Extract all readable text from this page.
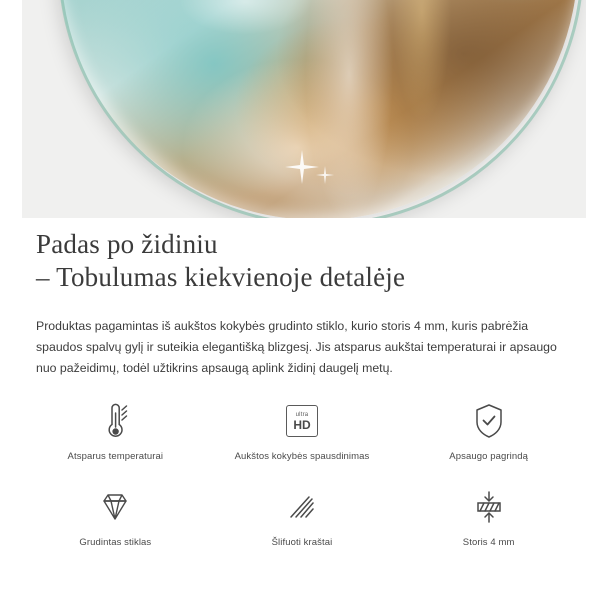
Padas po židiniu
– Tobulumas kiekvienoje detalėje
Produktas pagamintas iš aukštos kokybės grudinto stiklo, kurio storis 4 mm, kuris pabrėžia spaudos spalvų gylį ir suteikia elegantišką blizgesį. Jis atsparus aukštai temperaturai ir apsaugo nuo pažeidimų, todėl užtikrins apsaugą aplink židinį daugelį metų.
Atsparus temperaturai
ultra
HD
Aukštos kokybės spausdinimas	Apsaugo pagrindą
Grudintas stiklas	Šlifuoti kraštai	Storis 4 mm
